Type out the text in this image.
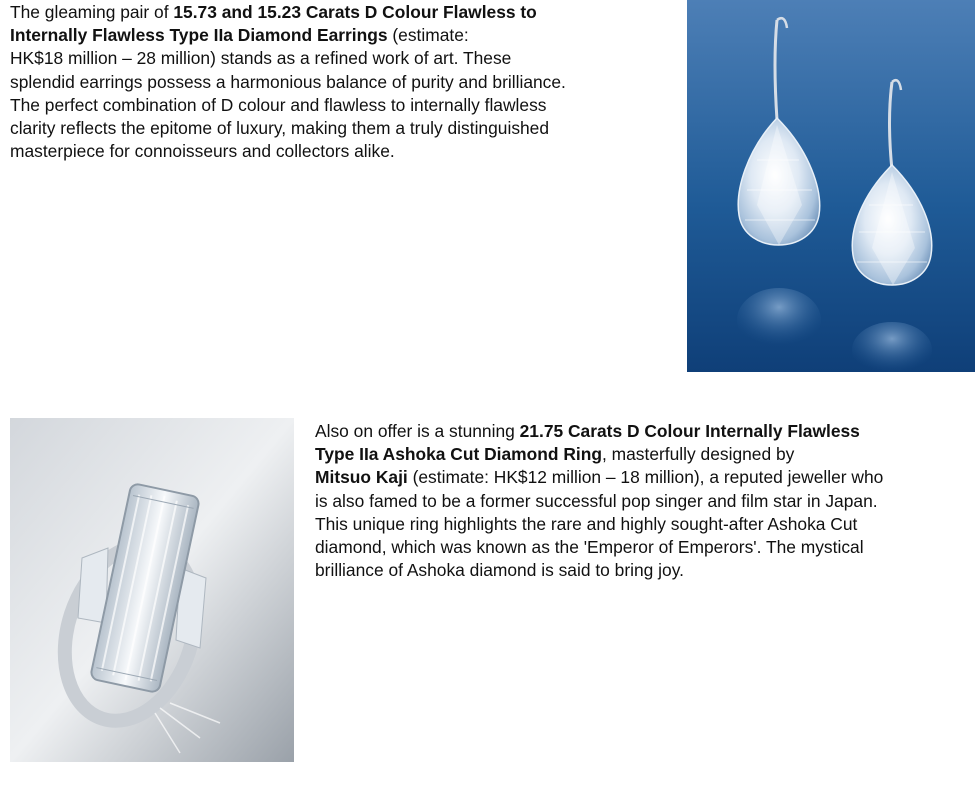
The gleaming pair of 15.73 and 15.23 Carats D Colour Flawless to
Internally Flawless Type IIa Diamond Earrings (estimate:
HK$18 million – 28 million) stands as a refined work of art. These
splendid earrings possess a harmonious balance of purity and brilliance.
The perfect combination of D colour and flawless to internally flawless
clarity reflects the epitome of luxury, making them a truly distinguished
masterpiece for connoisseurs and collectors alike.
Also on offer is a stunning 21.75 Carats D Colour Internally Flawless
Type IIa Ashoka Cut Diamond Ring, masterfully designed by
Mitsuo Kaji (estimate: HK$12 million – 18 million), a reputed jeweller who
is also famed to be a former successful pop singer and film star in Japan.
This unique ring highlights the rare and highly sought-after Ashoka Cut
diamond, which was known as the 'Emperor of Emperors'. The mystical
brilliance of Ashoka diamond is said to bring joy.
